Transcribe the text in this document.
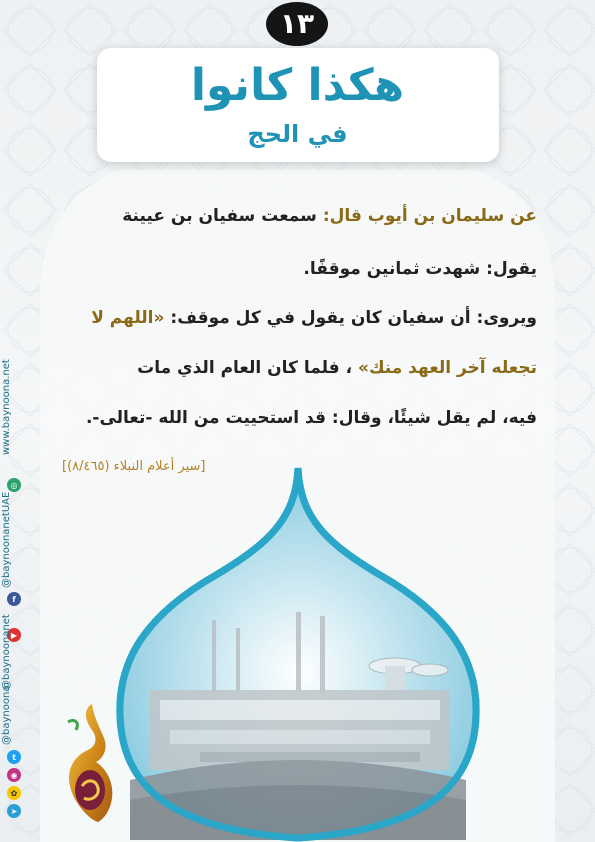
١٣
هكذا كانوا
في الحج
عن سليمان بن أيوب قال: سمعت سفيان بن عيينة
يقول: شهدت ثمانين موقفًا.
ويروى: أن سفيان كان يقول في كل موقف: «اللهم لا
تجعله آخر العهد منك» ، فلما كان العام الذي مات
فيه، لم يقل شيئًا، وقال: قد استحييت من الله -تعالى-.
[سير أعلام النبلاء (٨/٤٦٥)]
◎
www.baynoona.net
f
@baynoonanetUAE
▶
@baynoonanet
t
◉
✿
➤
@baynoona
